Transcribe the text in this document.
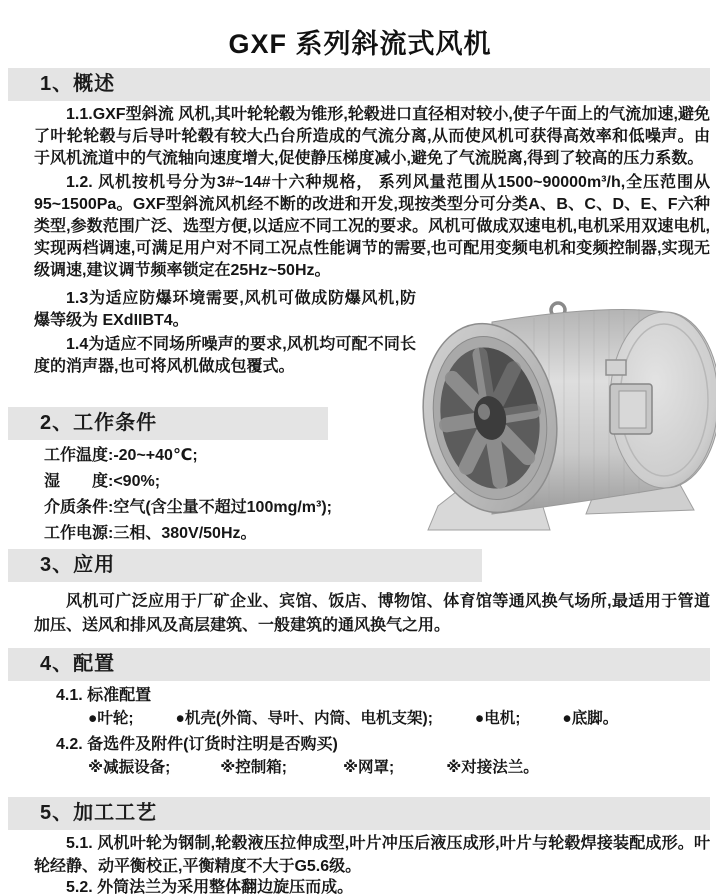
GXF 系列斜流式风机
1、概述
1.1.GXF型斜流 风机,其叶轮轮毂为锥形,轮毂进口直径相对较小,使子午面上的气流加速,避免了叶轮轮毂与后导叶轮毂有较大凸台所造成的气流分离,从而使风机可获得高效率和低噪声。由于风机流道中的气流轴向速度增大,促使静压梯度减小,避免了气流脱离,得到了较高的压力系数。
1.2. 风机按机号分为3#~14#十六种规格， 系列风量范围从1500~90000m³/h,全压范围从95~1500Pa。GXF型斜流风机经不断的改进和开发,现按类型分可分类A、B、C、D、E、F六种类型,参数范围广泛、选型方便,以适应不同工况的要求。风机可做成双速电机,电机采用双速电机,实现两档调速,可满足用户对不同工况点性能调节的需要,也可配用变频电机和变频控制器,实现无级调速,建议调节频率锁定在25Hz~50Hz。
1.3为适应防爆环境需要,风机可做成防爆风机,防爆等级为 EXdIIBT4。
1.4为适应不同场所噪声的要求,风机均可配不同长度的消声器,也可将风机做成包覆式。
2、工作条件
工作温度:-20~+40℃;
湿　　度:<90%;
介质条件:空气(含尘量不超过100mg/m³);
工作电源:三相、380V/50Hz。
3、应用
风机可广泛应用于厂矿企业、宾馆、饭店、博物馆、体育馆等通风换气场所,最适用于管道加压、送风和排风及高层建筑、一般建筑的通风换气之用。
4、配置
4.1. 标准配置
●叶轮;	●机壳(外筒、导叶、内筒、电机支架);	●电机;	●底脚。
4.2. 备选件及附件(订货时注明是否购买)
※减振设备;	※控制箱;	※网罩;	※对接法兰。
5、加工工艺
5.1. 风机叶轮为钢制,轮毂液压拉伸成型,叶片冲压后液压成形,叶片与轮毂焊接装配成形。叶轮经静、动平衡校正,平衡精度不大于G5.6级。
5.2. 外筒法兰为采用整体翻边旋压而成。
